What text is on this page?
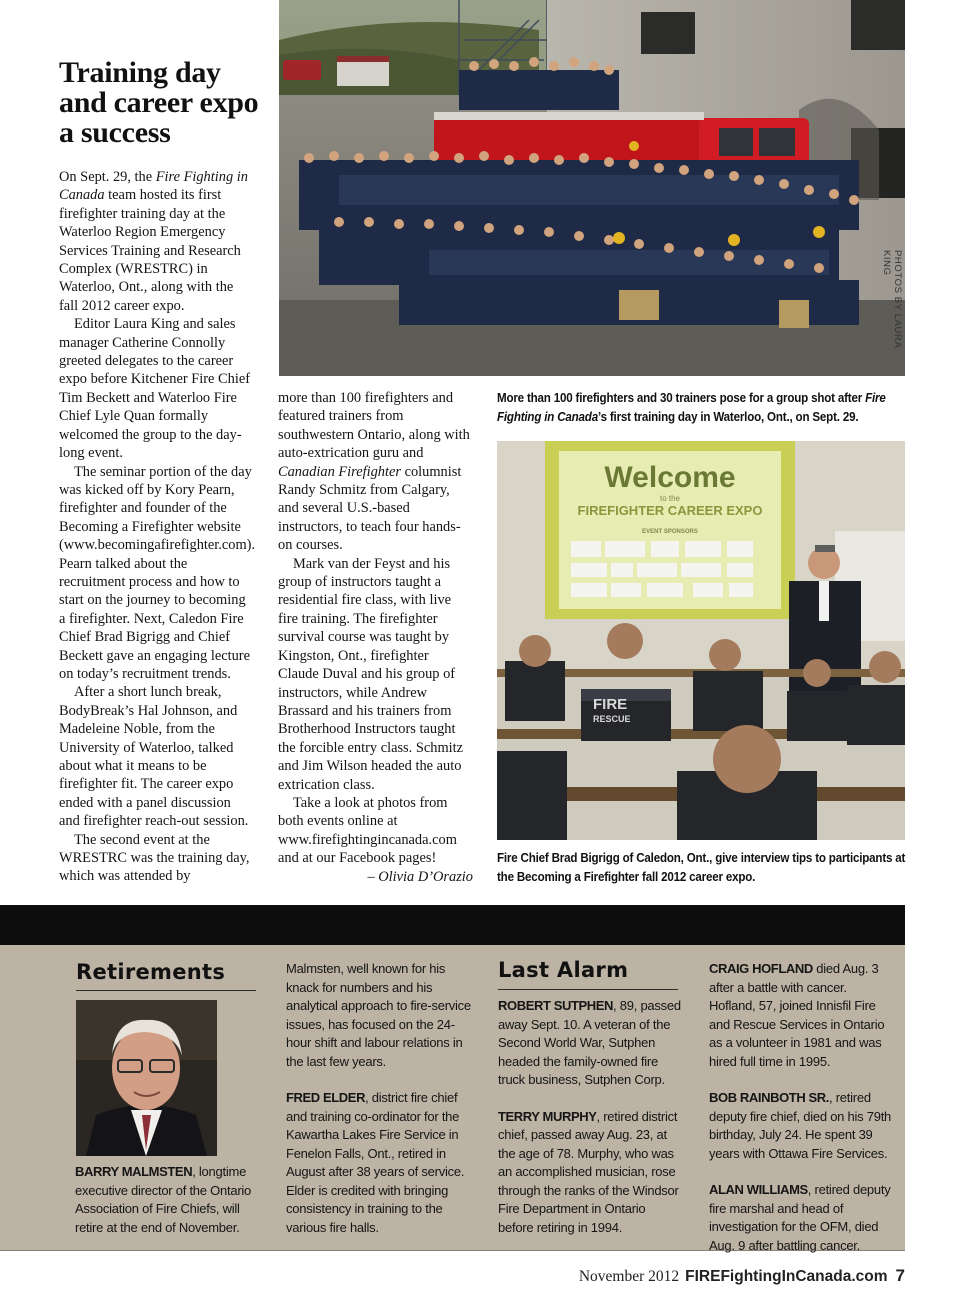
Training day and career expo a success

On Sept. 29, the Fire Fighting in Canada team hosted its first firefighter training day at the Waterloo Region Emergency Services Training and Research Complex (WRESTRC) in Waterloo, Ont., along with the fall 2012 career expo.

Editor Laura King and sales manager Catherine Connolly greeted delegates to the career expo before Kitchener Fire Chief Tim Beckett and Waterloo Fire Chief Lyle Quan formally welcomed the group to the day-long event.

The seminar portion of the day was kicked off by Kory Pearn, firefighter and founder of the Becoming a Firefighter website (www.becomingafirefighter.com). Pearn talked about the recruitment process and how to start on the journey to becoming a firefighter. Next, Caledon Fire Chief Brad Bigrigg and Chief Beckett gave an engaging lecture on today’s recruitment trends.

After a short lunch break, BodyBreak’s Hal Johnson, and Madeleine Noble, from the University of Waterloo, talked about what it means to be firefighter fit. The career expo ended with a panel discussion and firefighter reach-out session.

The second event at the WRESTRC was the training day, which was attended by

more than 100 firefighters and featured trainers from southwestern Ontario, along with auto-extrication guru and Canadian Firefighter columnist Randy Schmitz from Calgary, and several U.S.-based instructors, to teach four hands-on courses.

Mark van der Feyst and his group of instructors taught a residential fire class, with live fire training. The firefighter survival course was taught by Kingston, Ont., firefighter Claude Duval and his group of instructors, while Andrew Brassard and his trainers from Brotherhood Instructors taught the forcible entry class. Schmitz and Jim Wilson headed the auto extrication class.

Take a look at photos from both events online at www.firefightingincanada.com and at our Facebook pages!

– Olivia D’Orazio

PHOTOS BY LAURA KING
More than 100 firefighters and 30 trainers pose for a group shot after Fire Fighting in Canada’s first training day in Waterloo, Ont., on Sept. 29.
Welcome
to the
FIREFIGHTER CAREER EXPO
EVENT SPONSORS
FIRE
RESCUE
Fire Chief Brad Bigrigg of Caledon, Ont., give interview tips to participants at the Becoming a Firefighter fall 2012 career expo.
Retirements
BARRY MALMSTEN, longtime executive director of the Ontario Association of Fire Chiefs, will retire at the end of November.
Malmsten, well known for his knack for numbers and his analytical approach to fire-service issues, has focused on the 24-hour shift and labour relations in the last few years.
FRED ELDER, district fire chief and training co-ordinator for the Kawartha Lakes Fire Service in Fenelon Falls, Ont., retired in August after 38 years of service. Elder is credited with bringing consistency in training to the various fire halls.
Last Alarm
ROBERT SUTPHEN, 89, passed away Sept. 10. A veteran of the Second World War, Sutphen headed the family-owned fire truck business, Sutphen Corp.
TERRY MURPHY, retired district chief, passed away Aug. 23, at the age of 78. Murphy, who was an accomplished musician, rose through the ranks of the Windsor Fire Department in Ontario before retiring in 1994.
CRAIG HOFLAND died Aug. 3 after a battle with cancer. Hofland, 57, joined Innisfil Fire and Rescue Services in Ontario as a volunteer in 1981 and was hired full time in 1995.
BOB RAINBOTH SR., retired deputy fire chief, died on his 79th birthday, July 24. He spent 39 years with Ottawa Fire Services.
ALAN WILLIAMS, retired deputy fire marshal and head of investigation for the OFM, died Aug. 9 after battling cancer.
November 2012 FIREFightingInCanada.com 7
